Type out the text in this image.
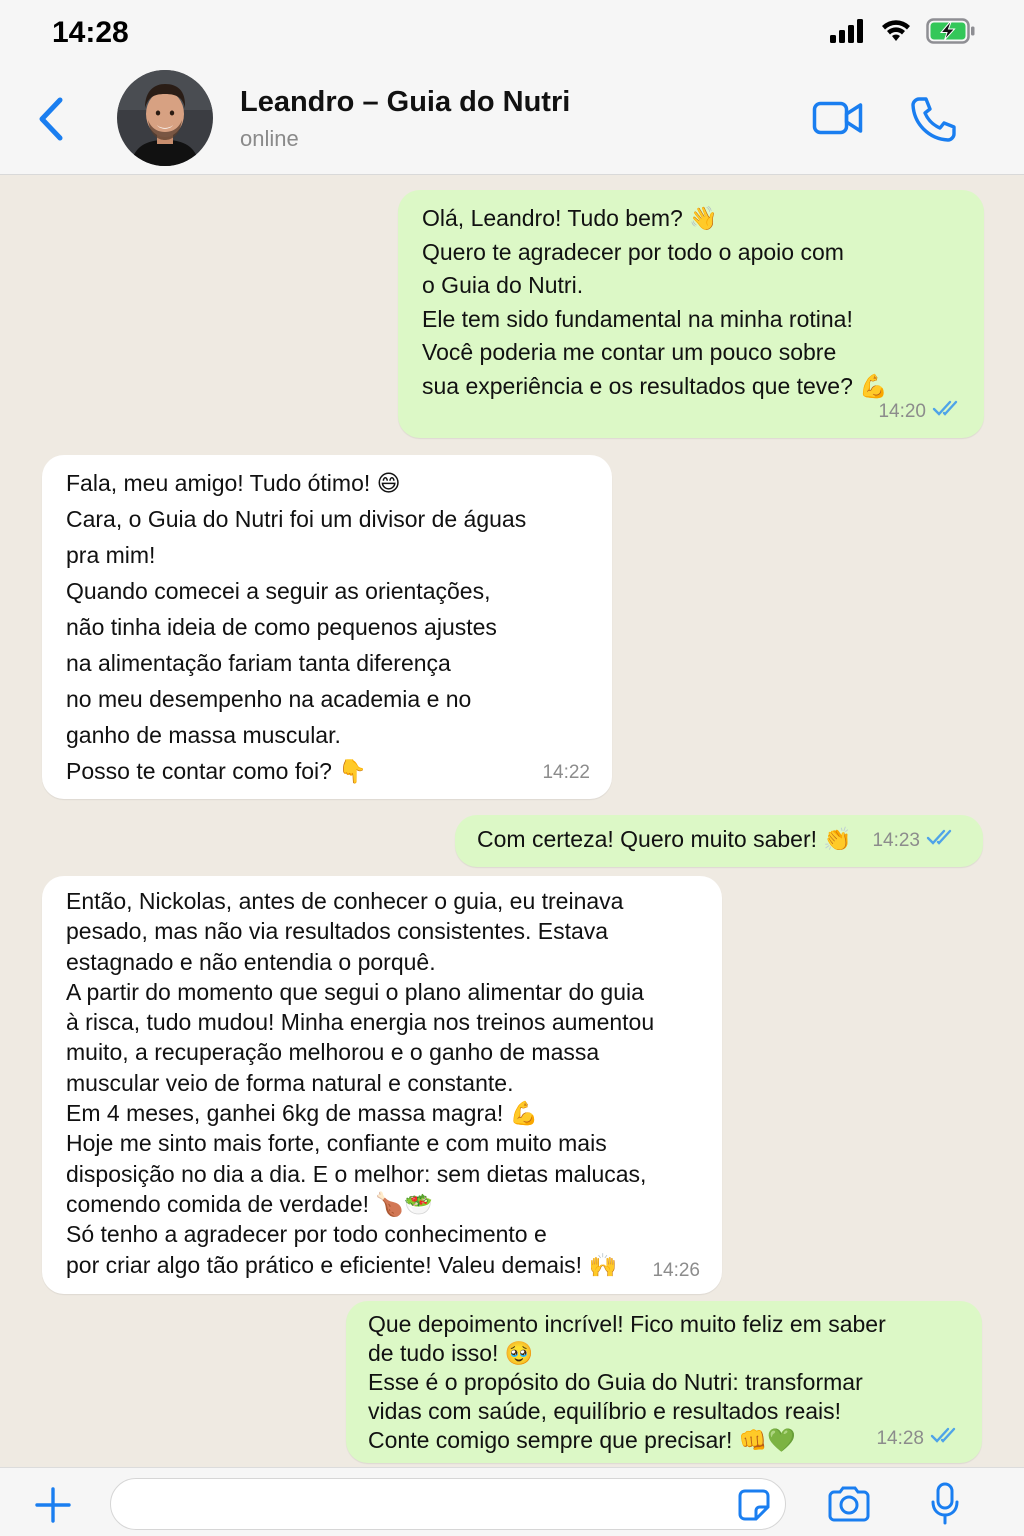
14:28
Leandro – Guia do Nutri
online
Olá, Leandro! Tudo bem? 👋
Quero te agradecer por todo o apoio com
o Guia do Nutri.
Ele tem sido fundamental na minha rotina!
Você poderia me contar um pouco sobre
sua experiência e os resultados que teve? 💪
14:20
Fala, meu amigo! Tudo ótimo! 😄
Cara, o Guia do Nutri foi um divisor de águas
pra mim!
Quando comecei a seguir as orientações,
não tinha ideia de como pequenos ajustes
na alimentação fariam tanta diferença
no meu desempenho na academia e no
ganho de massa muscular.
Posso te contar como foi? 👇	14:22
Com certeza! Quero muito saber! 👏 14:23
Então, Nickolas, antes de conhecer o guia, eu treinava
pesado, mas não via resultados consistentes. Estava
estagnado e não entendia o porquê.
A partir do momento que segui o plano alimentar do guia
à risca, tudo mudou! Minha energia nos treinos aumentou
muito, a recuperação melhorou e o ganho de massa
muscular veio de forma natural e constante.
Em 4 meses, ganhei 6kg de massa magra! 💪
Hoje me sinto mais forte, confiante e com muito mais
disposição no dia a dia. E o melhor: sem dietas malucas,
comendo comida de verdade! 🍗🥗
Só tenho a agradecer por todo conhecimento e
por criar algo tão prático e eficiente! Valeu demais! 🙌	14:26
Que depoimento incrível! Fico muito feliz em saber
de tudo isso! 🥹
Esse é o propósito do Guia do Nutri: transformar
vidas com saúde, equilíbrio e resultados reais!
Conte comigo sempre que precisar! 👊💚	14:28
